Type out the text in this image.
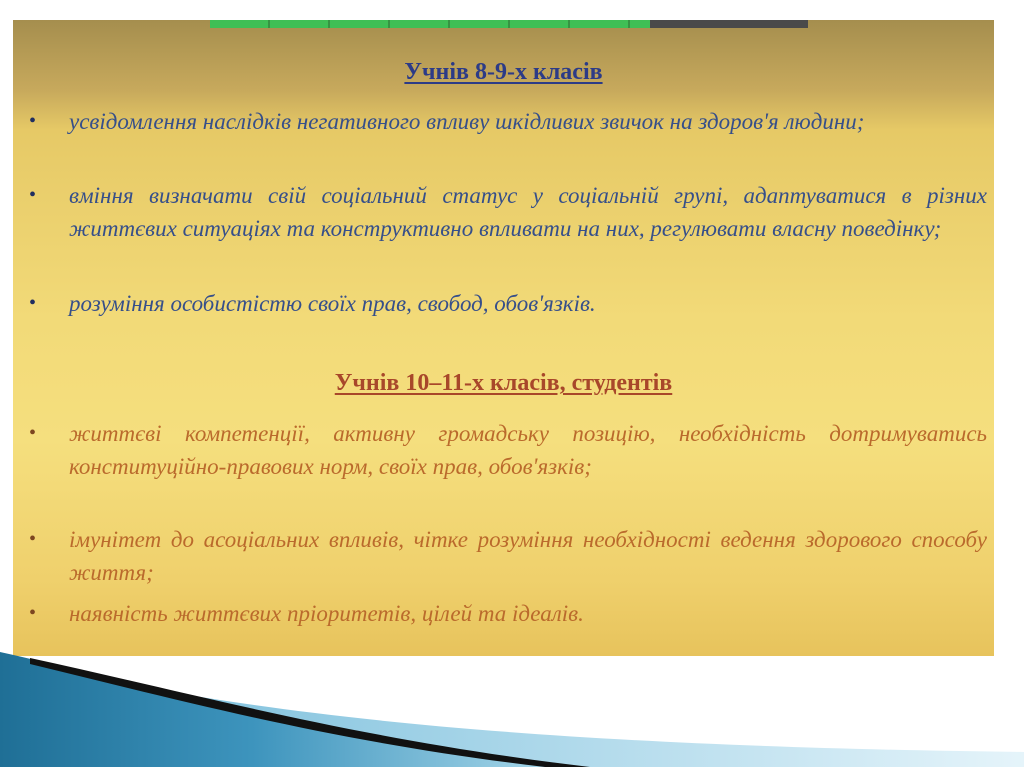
Учнів 8-9-х класів
• усвідомлення наслідків негативного впливу шкідливих звичок на здоров'я людини;
• вміння визначати свій соціальний статус у соціальній групі, адаптуватися в різних життєвих ситуаціях та конструктивно впливати на них, регулювати власну поведінку;
• розуміння особистістю своїх прав, свобод, обов'язків.
Учнів 10–11-х класів, студентів
• життєві компетенції, активну громадську позицію, необхідність дотримуватись конституційно-правових норм, своїх прав, обов'язків;
• імунітет до асоціальних впливів, чітке розуміння необхідності ведення здорового способу життя;
• наявність життєвих пріоритетів, цілей та ідеалів.
